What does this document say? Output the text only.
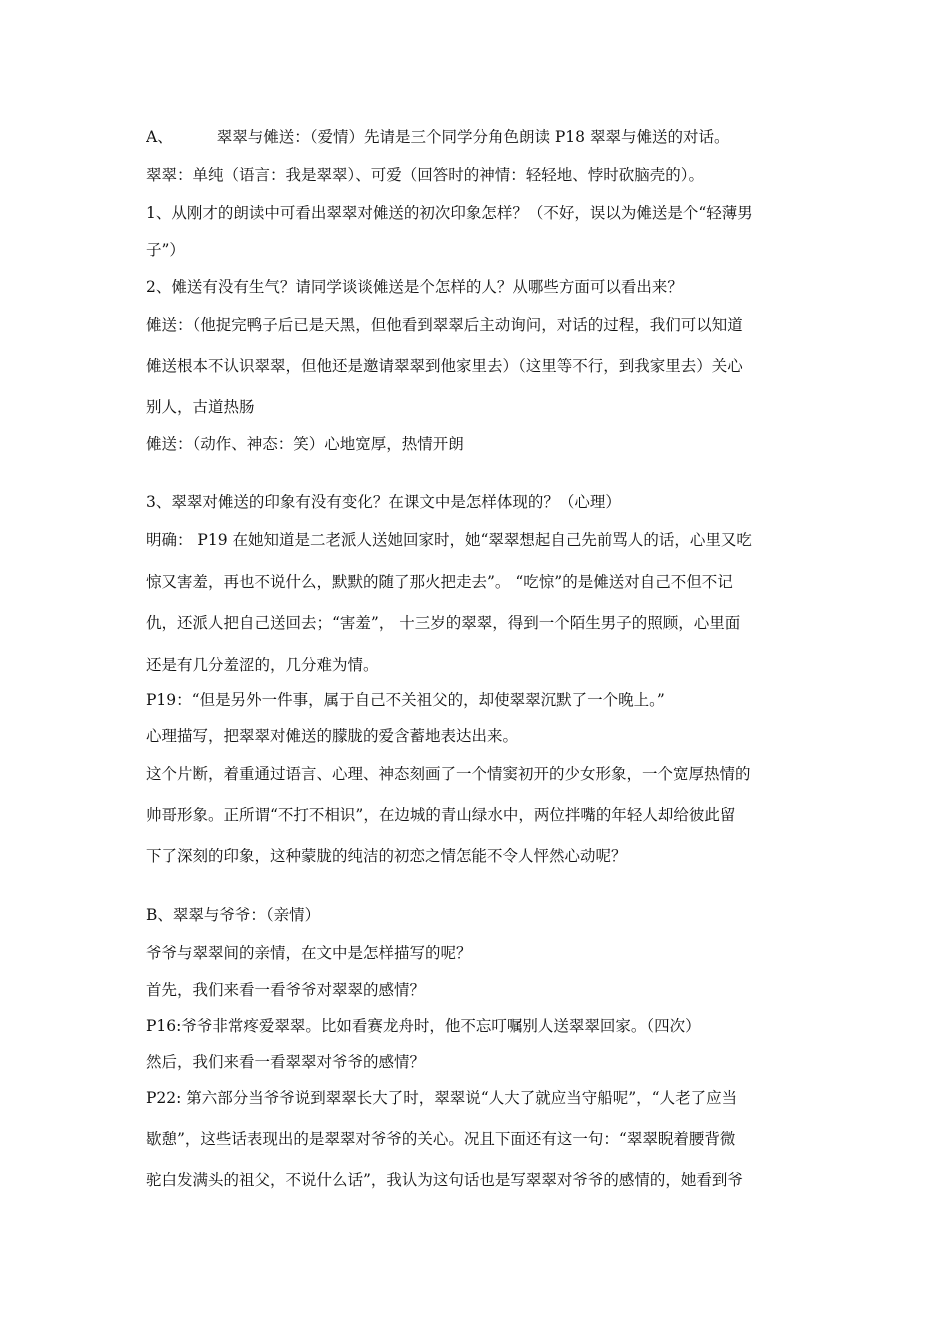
A、	翠翠与傩送：（爱情）先请是三个同学分角色朗读 P18 翠翠与傩送的对话。
翠翠：单纯（语言：我是翠翠）、可爱（回答时的神情：轻轻地、悖时砍脑壳的）。
1、从刚才的朗读中可看出翠翠对傩送的初次印象怎样？（不好，误以为傩送是个“轻薄男
子”）
2、傩送有没有生气？请同学谈谈傩送是个怎样的人？从哪些方面可以看出来？
傩送：（他捉完鸭子后已是天黑，但他看到翠翠后主动询问，对话的过程，我们可以知道
傩送根本不认识翠翠，但他还是邀请翠翠到他家里去）（这里等不行，到我家里去）关心
别人，古道热肠
傩送：（动作、神态：笑）心地宽厚，热情开朗
3、翠翠对傩送的印象有没有变化？在课文中是怎样体现的？（心理）
明确： P19 在她知道是二老派人送她回家时，她“翠翠想起自己先前骂人的话，心里又吃
惊又害羞，再也不说什么，默默的随了那火把走去”。 “吃惊”的是傩送对自己不但不记
仇，还派人把自己送回去；“害羞”， 十三岁的翠翠，得到一个陌生男子的照顾，心里面
还是有几分羞涩的，几分难为情。
P19：“但是另外一件事，属于自己不关祖父的，却使翠翠沉默了一个晚上。”
心理描写，把翠翠对傩送的朦胧的爱含蓄地表达出来。
这个片断，着重通过语言、心理、神态刻画了一个情窦初开的少女形象，一个宽厚热情的
帅哥形象。正所谓“不打不相识”，在边城的青山绿水中，两位拌嘴的年轻人却给彼此留
下了深刻的印象，这种蒙胧的纯洁的初恋之情怎能不令人怦然心动呢？
B、翠翠与爷爷：（亲情）
爷爷与翠翠间的亲情，在文中是怎样描写的呢？
首先，我们来看一看爷爷对翠翠的感情？
P16:爷爷非常疼爱翠翠。比如看赛龙舟时，他不忘叮嘱别人送翠翠回家。（四次）
然后，我们来看一看翠翠对爷爷的感情？
P22: 第六部分当爷爷说到翠翠长大了时，翠翠说“人大了就应当守船呢”，“人老了应当
歇憩”，这些话表现出的是翠翠对爷爷的关心。况且下面还有这一句：“翠翠睨着腰背微
驼白发满头的祖父，不说什么话”，我认为这句话也是写翠翠对爷爷的感情的，她看到爷
